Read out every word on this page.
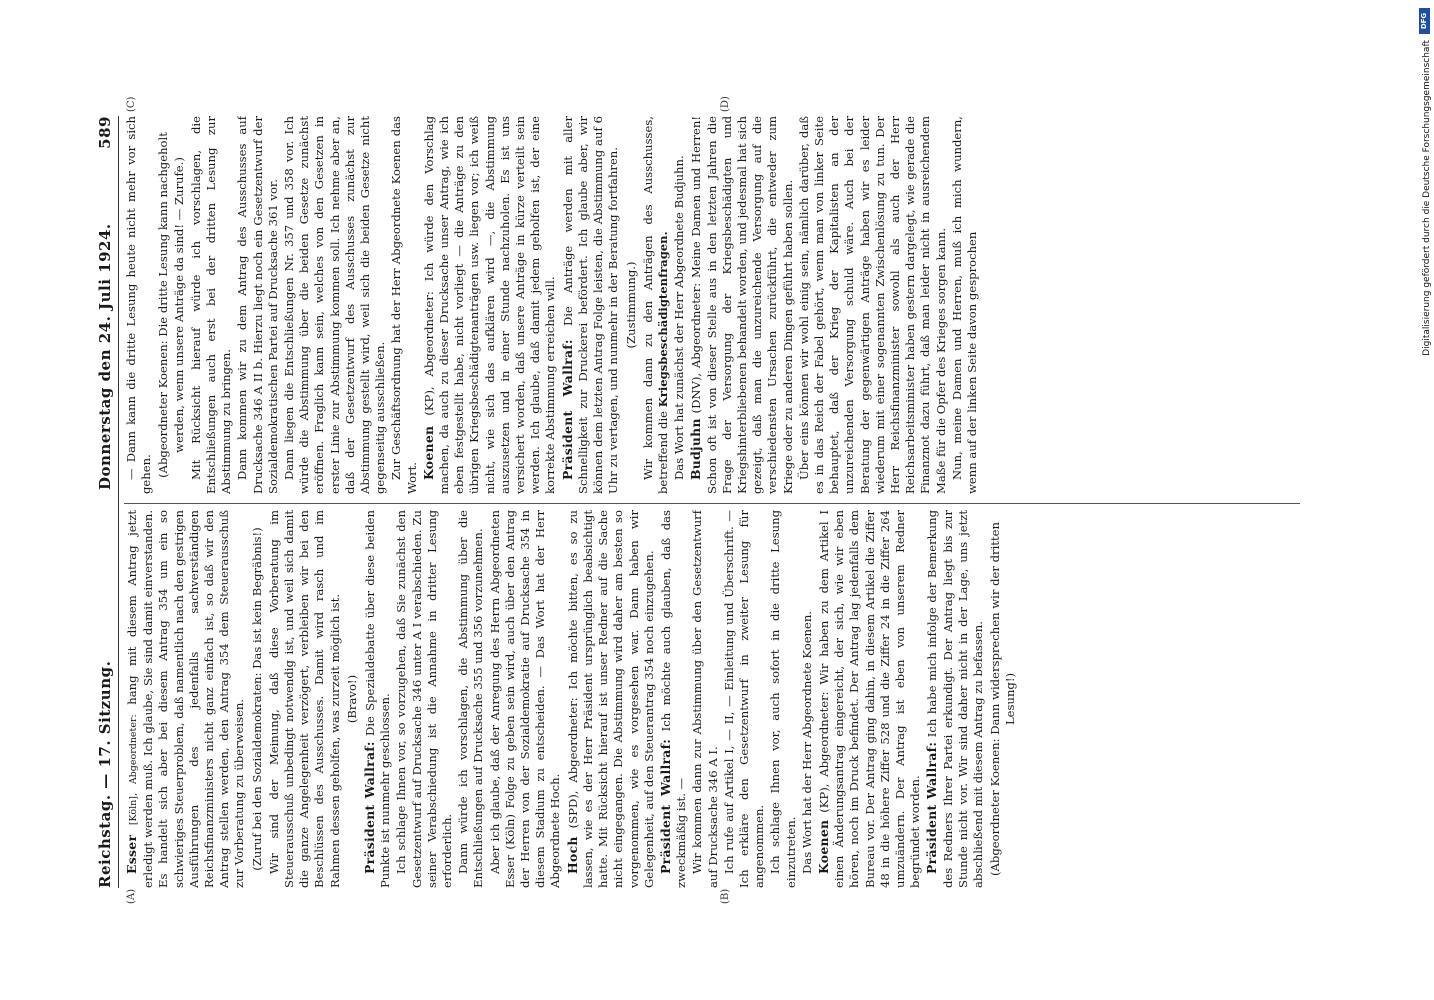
Reichstag. — 17. Sitzung.
Donnerstag den 24. Juli 1924.
589
(A)	(B)
(C)	(D)

Esser [Köln], Abgeordneter: hang mit diesem Antrag jetzt erledigt werden muß. Ich glaube, Sie sind damit einverstanden. Es handelt sich aber bei diesem Antrag 354 um ein so schwieriges Steuerproblem, daß namentlich nach den gestrigen Ausführungen des jedenfalls sachverständigen Reichsfinanzministers nicht ganz einfach ist, so daß wir den Antrag stellen werden, den Antrag 354 dem Steuerausschuß zur Vorberatung zu überweisen. (Zuruf bei den Sozialdemokraten: Das ist kein Begräbnis!) Wir sind der Meinung, daß diese Vorberatung im Steuerausschuß unbedingt notwendig ist, und weil sich damit die ganze Angelegenheit verzögert, verbleiben wir bei den Beschlüssen des Ausschusses. Damit wird rasch und im Rahmen dessen geholfen, was zurzeit möglich ist. (Bravo!)

Präsident Wallraf: Die Spezialdebatte über diese beiden Punkte ist nunmehr geschlossen. Ich schlage Ihnen vor, so vorzugehen, daß Sie zunächst den Gesetzentwurf auf Drucksache 346 unter A I verabschieden. Zu seiner Verabschiedung ist die Annahme in dritter Lesung erforderlich. Dann würde ich vorschlagen, die Abstimmung über die Entschließungen auf Drucksache 355 und 356 vorzunehmen. Aber ich glaube, daß der Anregung des Herrn Abgeordneten Esser (Köln) Folge zu geben sein wird, auch über den Antrag der Herren von der Sozialdemokratie auf Drucksache 354 in diesem Stadium zu entscheiden. — Das Wort hat der Herr Abgeordnete Hoch. Hoch (SPD), Abgeordneter: Ich möchte bitten, es so zu lassen, wie es der Herr Präsident ursprünglich beabsichtigt hatte. Mit Rücksicht hierauf ist unser Redner auf die Sache nicht eingegangen. Die Abstimmung wird daher am besten so vorgenommen, wie es vorgesehen war. Dann haben wir Gelegenheit, auf den Steuerantrag 354 noch einzugehen. Präsident Wallraf: Ich möchte auch glauben, daß das zweckmäßig ist. — Wir kommen dann zur Abstimmung über den Gesetzentwurf auf Drucksache 346 A I. Ich rufe auf Artikel I, — II, — Einleitung und Überschrift. — Ich erkläre den Gesetzentwurf in zweiter Lesung für angenommen. Ich schlage Ihnen vor, auch sofort in die dritte Lesung einzutreten. Das Wort hat der Herr Abgeordnete Koenen. Koenen (KP), Abgeordneter: Wir haben zu dem Artikel I einen Änderungsantrag eingereicht, der sich, wie wir eben hören, noch im Druck befindet. Der Antrag lag jedenfalls dem Bureau vor. Der Antrag ging dahin, in diesem Artikel die Ziffer 48 in die höhere Ziffer 528 und die Ziffer 24 in die Ziffer 264 umzuändern. Der Antrag ist eben von unserem Redner begründet worden. Präsident Wallraf: Ich habe mich infolge der Bemerkung des Redners Ihrer Partei erkundigt. Der Antrag liegt bis zur Stunde nicht vor. Wir sind daher nicht in der Lage, uns jetzt abschließend mit diesem Antrag zu befassen. (Abgeordneter Koenen: Dann widersprechen wir der dritten Lesung!)

— Dann kann die dritte Lesung heute nicht mehr vor sich gehen. (Abgeordneter Koenen: Die dritte Lesung kann nachgeholt werden, wenn unsere Anträge da sind! — Zurufe.) Mit Rücksicht hierauf würde ich vorschlagen, die Entschließungen auch erst bei der dritten Lesung zur Abstimmung zu bringen. Dann kommen wir zu dem Antrag des Ausschusses auf Drucksache 346 A II b. Hierzu liegt noch ein Gesetzentwurf der Sozialdemokratischen Partei auf Drucksache 361 vor. Dann liegen die Entschließungen Nr. 357 und 358 vor. Ich würde die Abstimmung über die beiden Gesetze zunächst eröffnen. Fraglich kann sein, welches von den Gesetzen in erster Linie zur Abstimmung kommen soll. Ich nehme aber an, daß der Gesetzentwurf des Ausschusses zunächst zur Abstimmung gestellt wird, weil sich die beiden Gesetze nicht gegenseitig ausschließen. Zur Geschäftsordnung hat der Herr Abgeordnete Koenen das Wort. Koenen (KP), Abgeordneter: Ich würde den Vorschlag machen, da auch zu dieser Drucksache unser Antrag, wie ich eben festgestellt habe, nicht vorliegt — die Anträge zu den übrigen Kriegsbeschädigtenanträgen usw. liegen vor; ich weiß nicht, wie sich das aufklären wird —, die Abstimmung auszusetzen und in einer Stunde nachzuholen. Es ist uns versichert worden, daß unsere Anträge in kürze verteilt sein werden. Ich glaube, daß damit jedem geholfen ist, der eine korrekte Abstimmung erreichen will. Präsident Wallraf: Die Anträge werden mit aller Schnelligkeit zur Druckerei befördert. Ich glaube aber, wir können dem letzten Antrag Folge leisten, die Abstimmung auf 6 Uhr zu vertagen, und nunmehr in der Beratung fortfahren. (Zustimmung.) Wir kommen dann zu den Anträgen des Ausschusses, betreffend die Kriegsbeschädigtenfragen. Das Wort hat zunächst der Herr Abgeordnete Budjuhn. Budjuhn (DNV), Abgeordneter: Meine Damen und Herren! Schon oft ist von dieser Stelle aus in den letzten Jahren die Frage der Versorgung der Kriegsbeschädigten und Kriegshinterbliebenen behandelt worden, und jedesmal hat sich gezeigt, daß man die unzureichende Versorgung auf die verschiedensten Ursachen zurückführt, die entweder zum Kriege oder zu anderen Dingen geführt haben sollen. Über eins können wir wohl einig sein, nämlich darüber, daß es in das Reich der Fabel gehört, wenn man von linker Seite behauptet, daß der Krieg der Kapitalisten an der unzureichenden Versorgung schuld wäre. Auch bei der Beratung der gegenwärtigen Anträge haben wir es leider wiederum mit einer sogenannten Zwischenlösung zu tun. Der Herr Reichsfinanzminister sowohl als auch der Herr Reichsarbeitsminister haben gestern dargelegt, wie gerade die Finanznot dazu führt, daß man leider nicht in ausreichendem Maße für die Opfer des Krieges sorgen kann. Nun, meine Damen und Herren, muß ich mich wundern, wenn auf der linken Seite davon gesprochen

DFG
Digitalisierung gefördert durch die Deutsche Forschungsgemeinschaft
